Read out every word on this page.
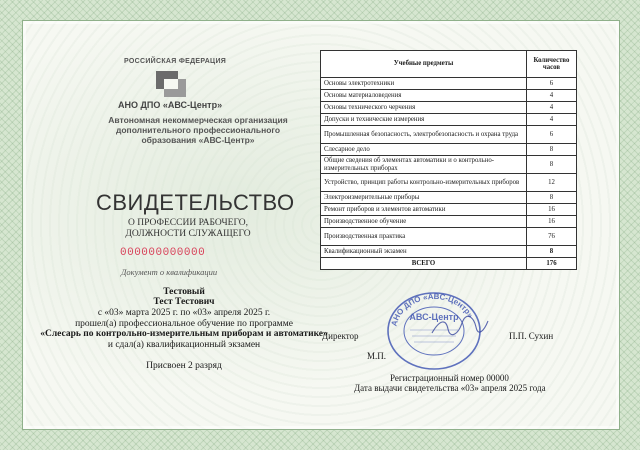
РОССИЙСКАЯ ФЕДЕРАЦИЯ
АНО ДПО «АВС-Центр»
Автономная некоммерческая организация дополнительного профессионального образования «АВС-Центр»
СВИДЕТЕЛЬСТВО
О ПРОФЕССИИ РАБОЧЕГО, ДОЛЖНОСТИ СЛУЖАЩЕГО
000000000000
Документ о квалификации
Тестовый
Тест Тестович
с «03» марта 2025 г. по «03» апреля 2025 г.
прошел(а) профессиональное обучение по программе
«Слесарь по контрольно-измерительным приборам и автоматике»
и сдал(а) квалификационный экзамен
Присвоен 2 разряд
Учебные предметы	Количество часов
Основы электротехники	6
Основы материаловедения	4
Основы технического черчения	4
Допуски и технические измерения	4
Промышленная безопасность, электробезопасность и охрана труда	6
Слесарное дело	8
Общие сведения об элементах автоматики и о контрольно-измерительных приборах	8
Устройство, принцип работы контрольно-измерительных приборов	12
Электроизмерительные приборы	8
Ремонт приборов и элементов автоматики	16
Производственное обучение	16
Производственная практика	76
Квалификационный экзамен	8
ВСЕГО	176
АНО ДПО «АВС-Центр»
АВС-Центр
Директор	П.П. Сухин
М.П.
Регистрационный номер 00000
Дата выдачи свидетельства «03» апреля 2025 года
